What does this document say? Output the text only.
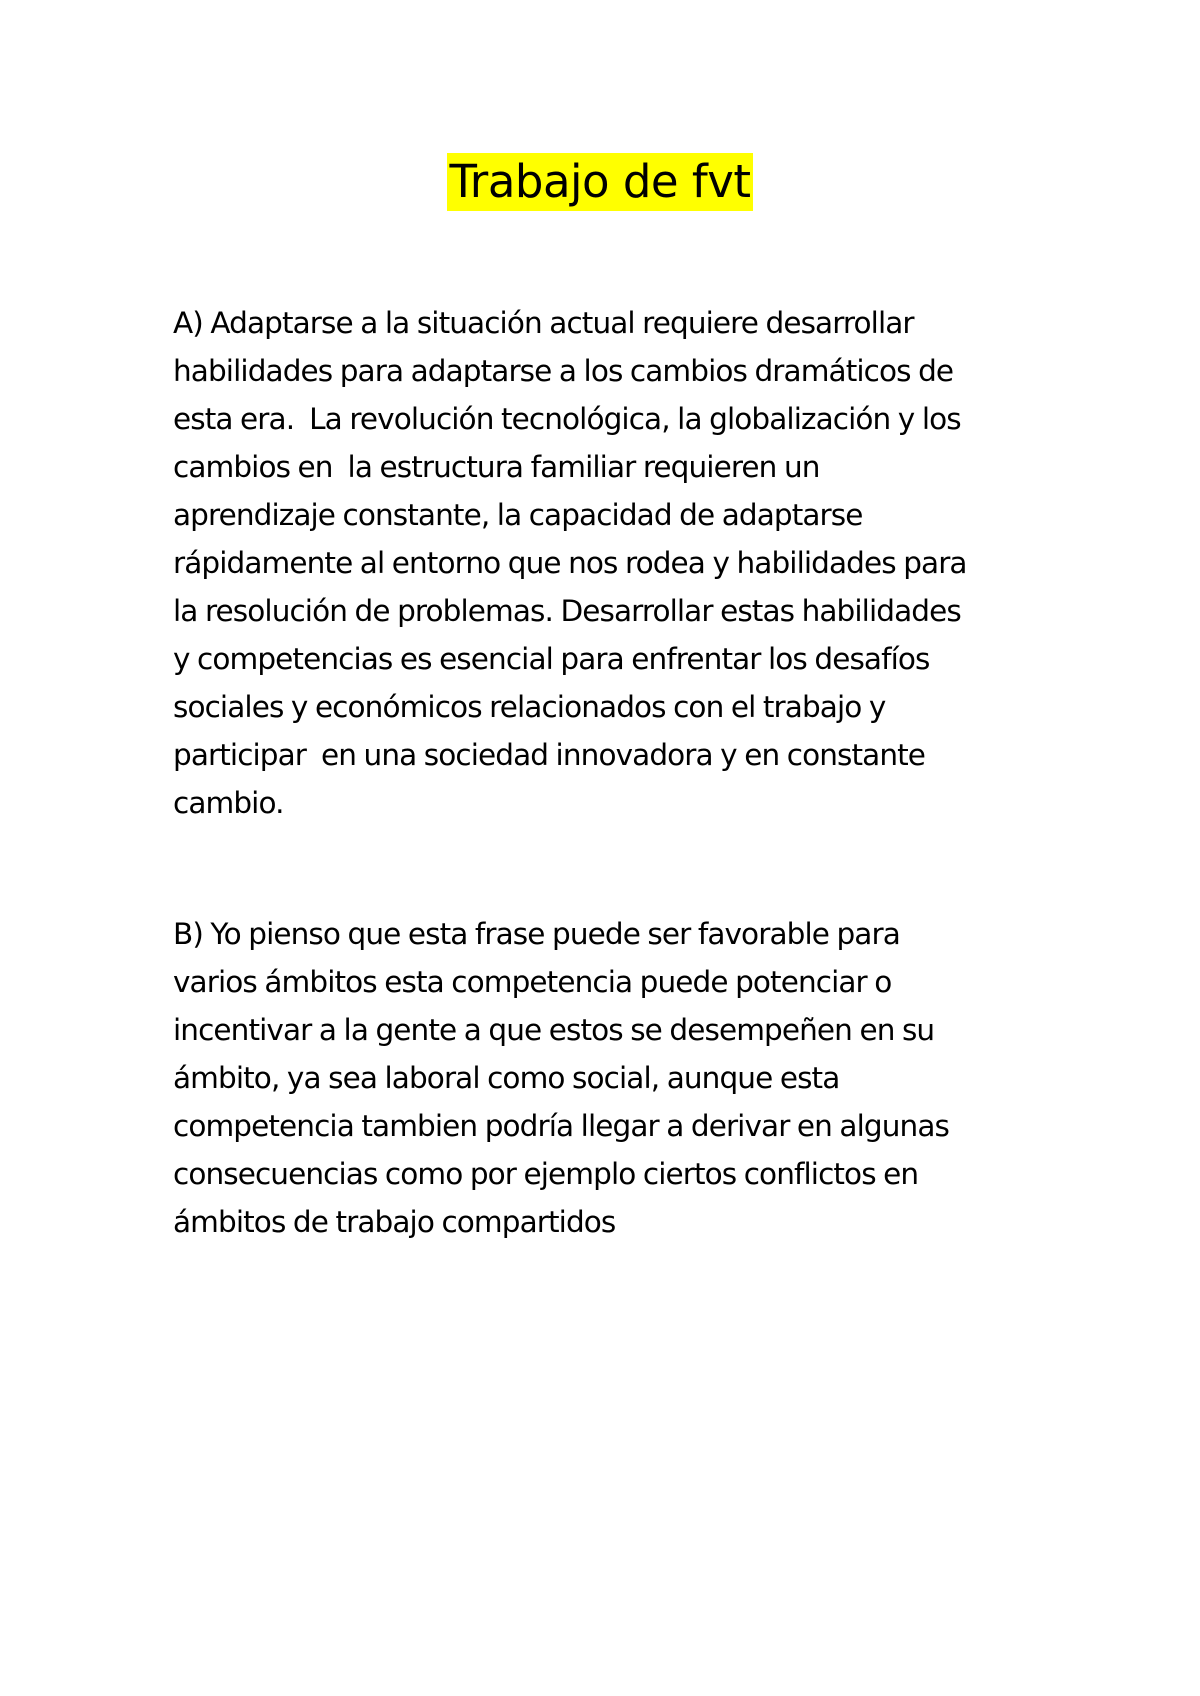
Trabajo de fvt
A) Adaptarse a la situación actual requiere desarrollar
habilidades para adaptarse a los cambios dramáticos de
esta era.  La revolución tecnológica, la globalización y los
cambios en  la estructura familiar requieren un
aprendizaje constante, la capacidad de adaptarse
rápidamente al entorno que nos rodea y habilidades para
la resolución de problemas. Desarrollar estas habilidades
y competencias es esencial para enfrentar los desafíos
sociales y económicos relacionados con el trabajo y
participar  en una sociedad innovadora y en constante
cambio.
B) Yo pienso que esta frase puede ser favorable para
varios ámbitos esta competencia puede potenciar o
incentivar a la gente a que estos se desempeñen en su
ámbito, ya sea laboral como social, aunque esta
competencia tambien podría llegar a derivar en algunas
consecuencias como por ejemplo ciertos conflictos en
ámbitos de trabajo compartidos
